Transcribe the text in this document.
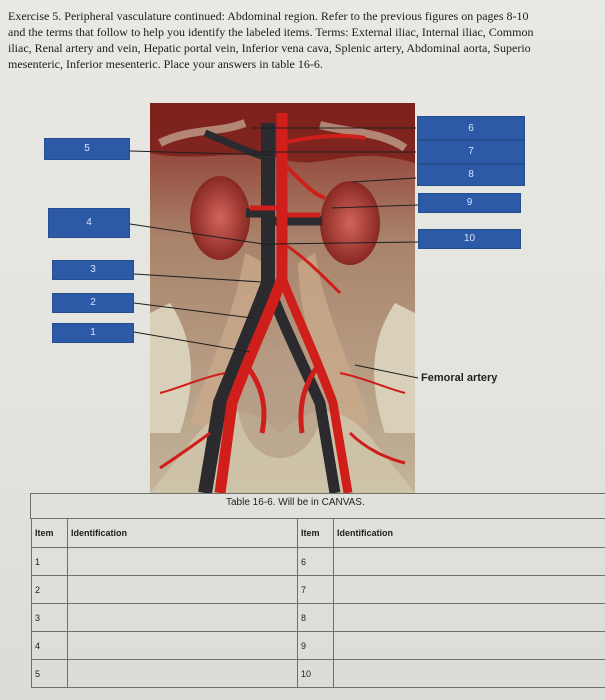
Exercise 5. Peripheral vasculature continued: Abdominal region. Refer to the previous figures on pages 8-10
and the terms that follow to help you identify the labeled items. Terms: External iliac, Internal iliac, Common
iliac, Renal artery and vein, Hepatic portal vein, Inferior vena cava, Splenic artery, Abdominal aorta, Superio
mesenteric, Inferior mesenteric. Place your answers in table 16-6.
5
4
3
2
1
6
7
8
9
10
Femoral artery
Table 16-6. Will be in CANVAS.
Item	Identification	Item	Identification
1		6	
2		7	
3		8	
4		9	
5		10	
